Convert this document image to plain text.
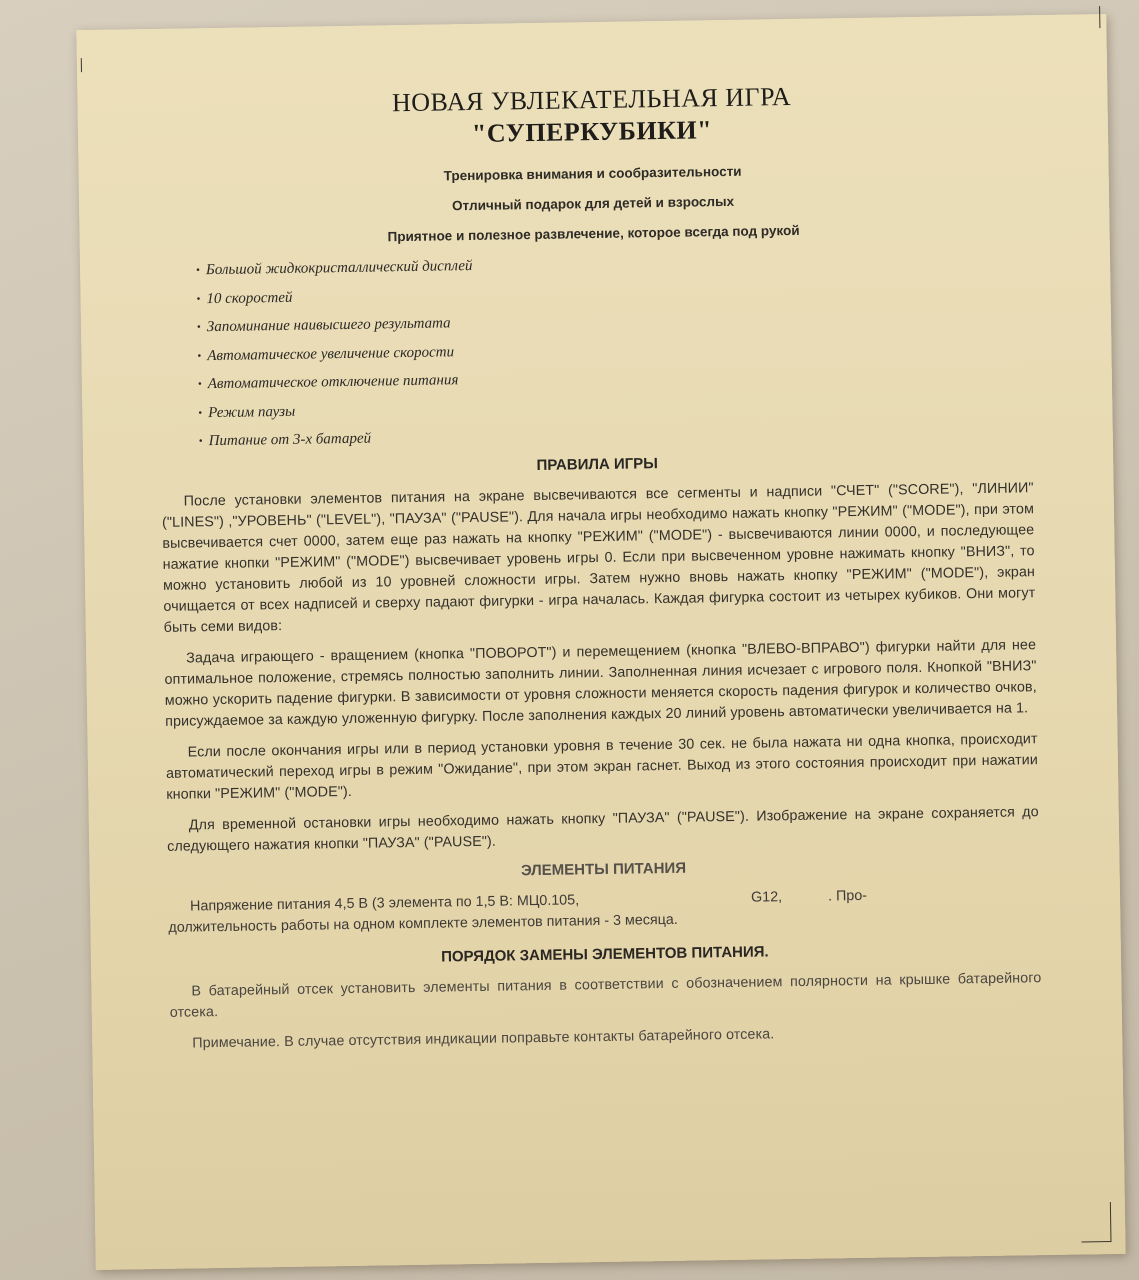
НОВАЯ УВЛЕКАТЕЛЬНАЯ ИГРА
"СУПЕРКУБИКИ"

Тренировка внимания и сообразительности

Отличный подарок для детей и взрослых

Приятное и полезное развлечение, которое всегда под рукой

• Большой жидкокристаллический дисплей
• 10 скоростей
• Запоминание наивысшего результата
• Автоматическое увеличение скорости
• Автоматическое отключение питания
• Режим паузы
• Питание от 3-х батарей
ПРАВИЛА ИГРЫ

После установки элементов питания на экране высвечиваются все сегменты и надписи "СЧЕТ" ("SCORE"), "ЛИНИИ" ("LINES") ,"УРОВЕНЬ" ("LEVEL"), "ПАУЗА" ("PAUSE"). Для начала игры необходимо нажать кнопку "РЕЖИМ" ("MODE"), при этом высвечивается счет 0000, затем еще раз нажать на кнопку "РЕЖИМ" ("MODE") - высвечиваются линии 0000, и последующее нажатие кнопки "РЕЖИМ" ("MODE") высвечивает уровень игры 0. Если при высвеченном уровне нажимать кнопку "ВНИЗ", то можно установить любой из 10 уровней сложности игры. Затем нужно вновь нажать кнопку "РЕЖИМ" ("MODE"), экран очищается от всех надписей и сверху падают фигурки - игра началась. Каждая фигурка состоит из четырех кубиков. Они могут быть семи видов:

Задача играющего - вращением (кнопка "ПОВОРОТ") и перемещением (кнопка "ВЛЕВО-ВПРАВО") фигурки найти для нее оптимальное положение, стремясь полностью заполнить линии. Заполненная линия исчезает с игрового поля. Кнопкой "ВНИЗ" можно ускорить падение фигурки. В зависимости от уровня сложности меняется скорость падения фигурок и количество очков, присуждаемое за каждую уложенную фигурку. После заполнения каждых 20 линий уровень автоматически увеличивается на 1.

Если после окончания игры или в период установки уровня в течение 30 сек. не была нажата ни одна кнопка, происходит автоматический переход игры в режим "Ожидание", при этом экран гаснет. Выход из этого состояния происходит при нажатии кнопки "РЕЖИМ" ("MODE").

Для временной остановки игры необходимо нажать кнопку "ПАУЗА" ("PAUSE"). Изображение на экране сохраняется до следующего нажатия кнопки "ПАУЗА" ("PAUSE").

ЭЛЕМЕНТЫ ПИТАНИЯ
Напряжение питания 4,5 В (3 элемента по 1,5 В: МЦ0.105,	G12,	. Про-
должительность работы на одном комплекте элементов питания - 3 месяца.
ПОРЯДОК ЗАМЕНЫ ЭЛЕМЕНТОВ ПИТАНИЯ.

В батарейный отсек установить элементы питания в соответствии с обозначением полярности на крышке батарейного отсека.

Примечание. В случае отсутствия индикации поправьте контакты батарейного отсека.
